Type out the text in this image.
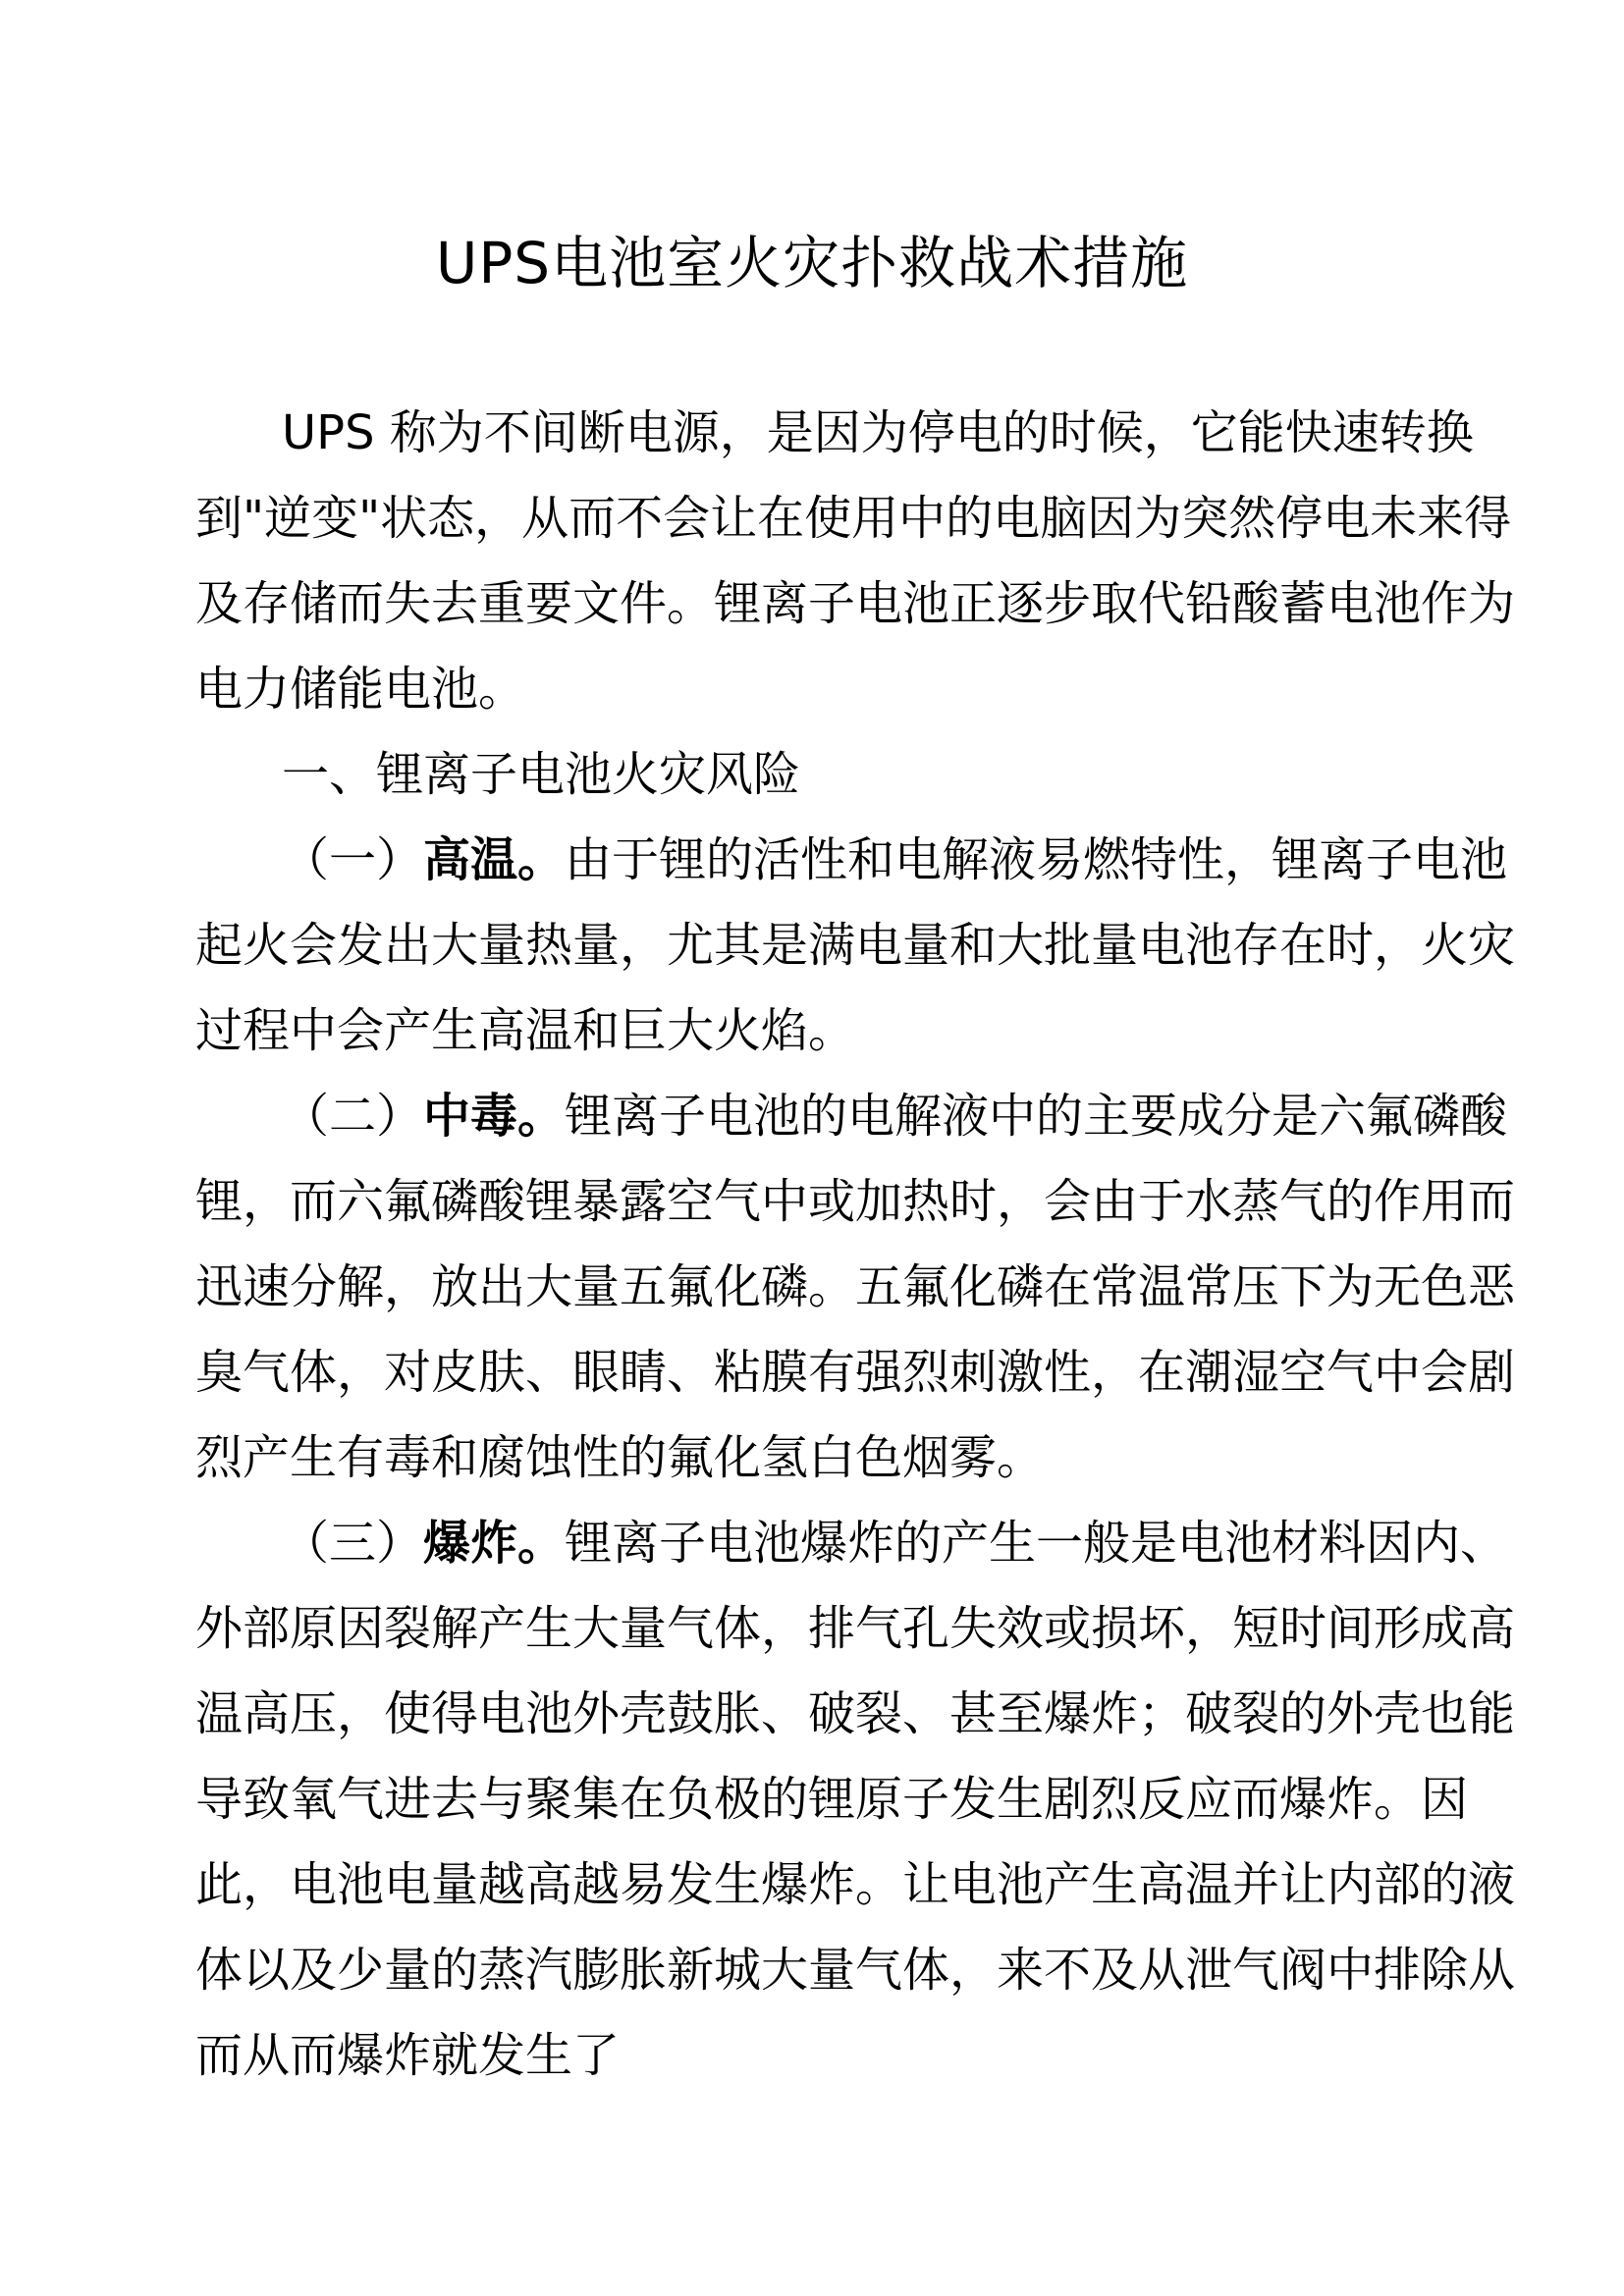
UPS电池室火灾扑救战术措施
UPS 称为不间断电源，是因为停电的时候，它能快速转换
到"逆变"状态，从而不会让在使用中的电脑因为突然停电未来得
及存储而失去重要文件。锂离子电池正逐步取代铅酸蓄电池作为
电力储能电池。
一、锂离子电池火灾风险
（一）高温。由于锂的活性和电解液易燃特性，锂离子电池
起火会发出大量热量，尤其是满电量和大批量电池存在时，火灾
过程中会产生高温和巨大火焰。
（二）中毒。锂离子电池的电解液中的主要成分是六氟磷酸
锂，而六氟磷酸锂暴露空气中或加热时，会由于水蒸气的作用而
迅速分解，放出大量五氟化磷。五氟化磷在常温常压下为无色恶
臭气体，对皮肤、眼睛、粘膜有强烈刺激性，在潮湿空气中会剧
烈产生有毒和腐蚀性的氟化氢白色烟雾。
（三）爆炸。锂离子电池爆炸的产生一般是电池材料因内、
外部原因裂解产生大量气体，排气孔失效或损坏，短时间形成高
温高压，使得电池外壳鼓胀、破裂、甚至爆炸；破裂的外壳也能
导致氧气进去与聚集在负极的锂原子发生剧烈反应而爆炸。因
此，电池电量越高越易发生爆炸。让电池产生高温并让内部的液
体以及少量的蒸汽膨胀新城大量气体，来不及从泄气阀中排除从
而从而爆炸就发生了
